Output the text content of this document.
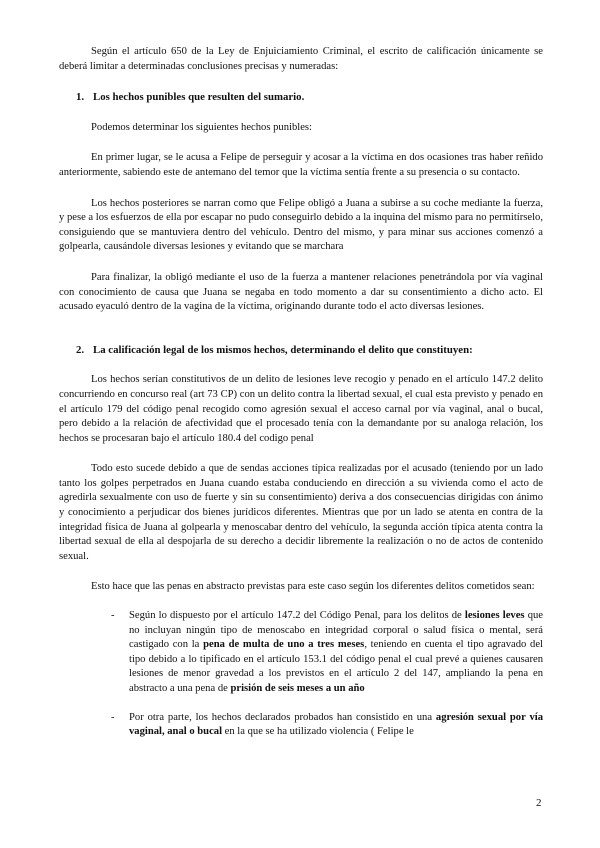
Según el artículo 650 de la Ley de Enjuiciamiento Criminal, el escrito de calificación únicamente se deberá limitar a determinadas conclusiones precisas y numeradas:

1. Los hechos punibles que resulten del sumario.

Podemos determinar los siguientes hechos punibles:

En primer lugar, se le acusa a Felipe de perseguir y acosar a la víctima en dos ocasiones tras haber reñido anteriormente, sabiendo este de antemano del temor que la víctima sentía frente a su presencia o su contacto.

Los hechos posteriores se narran como que Felipe obligó a Juana a subirse a su coche mediante la fuerza, y pese a los esfuerzos de ella por escapar no pudo conseguirlo debido a la inquina del mismo para no permitírselo, consiguiendo que se mantuviera dentro del vehículo. Dentro del mismo, y para minar sus acciones comenzó a golpearla, causándole diversas lesiones y evitando que se marchara

Para finalizar, la obligó mediante el uso de la fuerza a mantener relaciones penetrándola por vía vaginal con conocimiento de causa que Juana se negaba en todo momento a dar su consentimiento a dicho acto. El acusado eyaculó dentro de la vagina de la víctima, originando durante todo el acto diversas lesiones.

2. La calificación legal de los mismos hechos, determinando el delito que constituyen:

Los hechos serían constitutivos de un delito de lesiones leve recogio y penado en el artículo 147.2 delito concurriendo en concurso real (art 73 CP) con un delito contra la libertad sexual, el cual esta previsto y penado en el artículo 179 del código penal recogido como agresión sexual el acceso carnal por vía vaginal, anal o bucal, pero debido a la relación de afectividad que el procesado tenía con la demandante por su analoga relación, los hechos se procesaran bajo el artículo 180.4 del codigo penal

Todo esto sucede debido a que de sendas acciones típica realizadas por el acusado (teniendo por un lado tanto los golpes perpetrados en Juana cuando estaba conduciendo en dirección a su vivienda como el acto de agredirla sexualmente con uso de fuerte y sin su consentimiento) deriva a dos consecuencias dirigidas con ánimo y conocimiento a perjudicar dos bienes jurídicos diferentes. Mientras que por un lado se atenta en contra de la integridad física de Juana al golpearla y menoscabar dentro del vehículo, la segunda acción típica atenta contra la libertad sexual de ella al despojarla de su derecho a decidir libremente la realización o no de actos de contenido sexual.

Esto hace que las penas en abstracto previstas para este caso según los diferentes delitos cometidos sean:

-	Según lo dispuesto por el artículo 147.2 del Código Penal, para los delitos de lesiones leves que no incluyan ningún tipo de menoscabo en integridad corporal o salud física o mental, será castigado con la pena de multa de uno a tres meses, teniendo en cuenta el tipo agravado del tipo debido a lo tipificado en el artículo 153.1 del código penal el cual prevé a quienes causaren lesiones de menor gravedad a los previstos en el artículo 2 del 147, ampliando la pena en abstracto a una pena de prisión de seis meses a un año
-	Por otra parte, los hechos declarados probados han consistido en una agresión sexual por vía vaginal, anal o bucal en la que se ha utilizado violencia ( Felipe le
2
